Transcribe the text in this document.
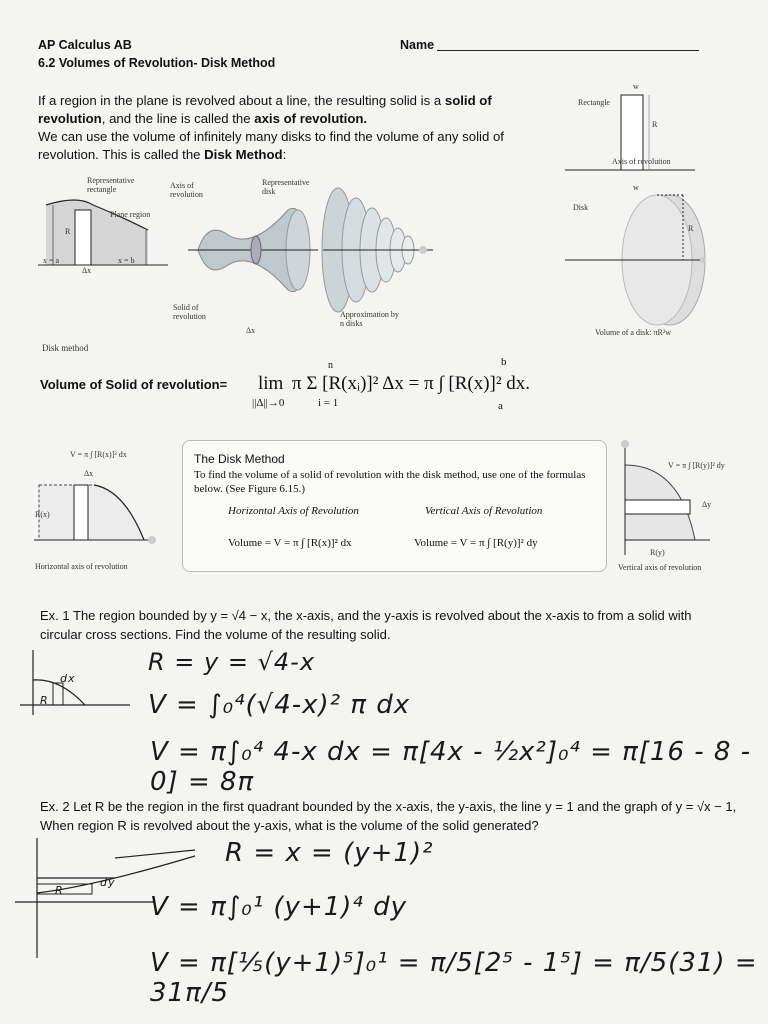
AP Calculus AB
6.2 Volumes of Revolution- Disk Method
Name
If a region in the plane is revolved about a line, the resulting solid is a solid of revolution, and the line is called the axis of revolution.
We can use the volume of infinitely many disks to find the volume of any solid of revolution. This is called the Disk Method:
Rectangle
w
R
Axis of revolution
Disk
w
R
Volume of a disk: πR²w
Representative rectangle
Plane region
Axis of revolution
Representative disk
R
x = a
Δx
x = b
Solid of revolution
Δx
Approximation by n disks
Disk method
Volume of Solid of revolution= lim
||Δ||→0
π Σ [R(xᵢ)]² Δx = π ∫ [R(x)]² dx.
n
i = 1
b
a
V = π ∫ [R(x)]² dx
Δx
R(x)
Horizontal axis of revolution
The Disk Method
To find the volume of a solid of revolution with the disk method, use one of the formulas below. (See Figure 6.15.)
Horizontal Axis of Revolution	Vertical Axis of Revolution
Volume = V = π ∫ [R(x)]² dx	Volume = V = π ∫ [R(y)]² dy
V = π ∫ [R(y)]² dy
Δy
R(y)
Vertical axis of revolution
Ex. 1 The region bounded by y = √4 − x, the x-axis, and the y-axis is revolved about the x-axis to from a solid with circular cross sections. Find the volume of the resulting solid.
dx
R
R = y = √4-x
V = ∫₀⁴(√4-x)² π dx
V = π∫₀⁴ 4-x dx = π[4x - ½x²]₀⁴ = π[16 - 8 - 0] = 8π
Ex. 2 Let R be the region in the first quadrant bounded by the x-axis, the y-axis, the line y = 1 and the graph of y = √x − 1, When region R is revolved about the y-axis, what is the volume of the solid generated?
dy
R
R = x = (y+1)²
V = π∫₀¹ (y+1)⁴ dy
V = π[⅕(y+1)⁵]₀¹ = π/5[2⁵ - 1⁵] = π/5(31) = 31π/5
